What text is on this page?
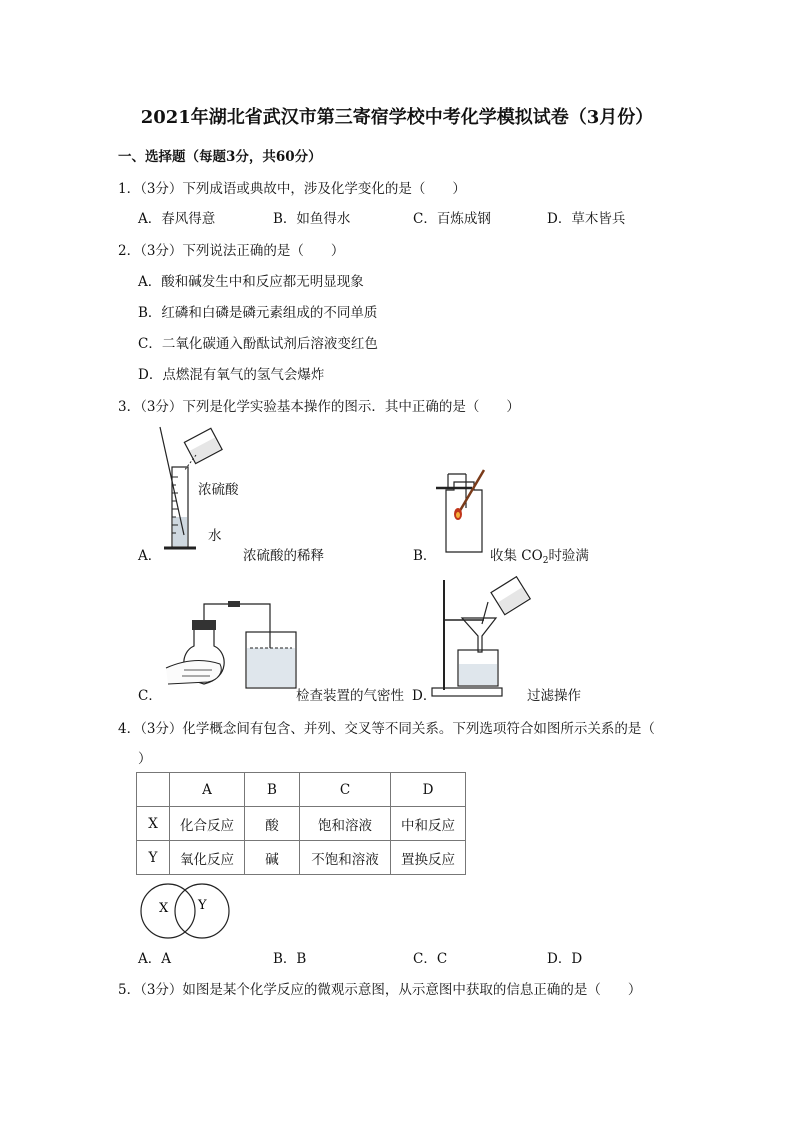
2021年湖北省武汉市第三寄宿学校中考化学模拟试卷（3月份）
一、选择题（每题3分，共60分）
1．（3分）下列成语或典故中，涉及化学变化的是（　　）
A．春风得意	B．如鱼得水	C．百炼成钢	D．草木皆兵
2．（3分）下列说法正确的是（　　）
A．酸和碱发生中和反应都无明显现象
B．红磷和白磷是磷元素组成的不同单质
C．二氧化碳通入酚酞试剂后溶液变红色
D．点燃混有氧气的氢气会爆炸
3．（3分）下列是化学实验基本操作的图示．其中正确的是（　　）
浓硫酸
水
A．	浓硫酸的稀释	B．	收集 $CO_2$时验满
C．	检查装置的气密性 D．	过滤操作
4．（3分）化学概念间有包含、并列、交叉等不同关系。下列选项符合如图所示关系的是（
）
	A	B	C	D
X	化合反应	酸	饱和溶液	中和反应
Y	氧化反应	碱	不饱和溶液	置换反应
X Y
A．A	B．B	C．C	D．D
5．（3分）如图是某个化学反应的微观示意图，从示意图中获取的信息正确的是（　　）
